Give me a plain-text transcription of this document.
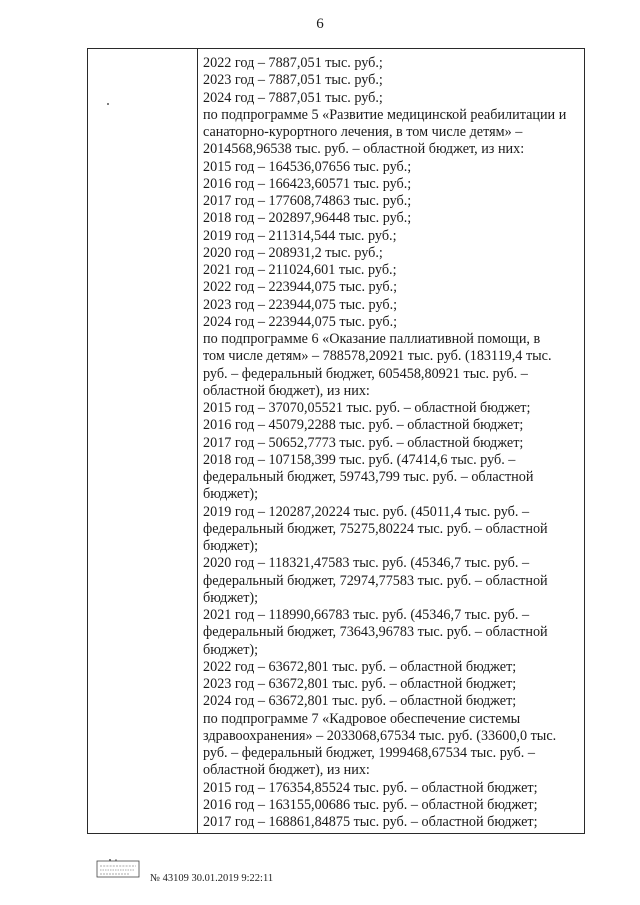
6
2022 год – 7887,051 тыс. руб.;
2023 год – 7887,051 тыс. руб.;
2024 год – 7887,051 тыс. руб.;
по подпрограмме 5 «Развитие медицинской реабилитации и
санаторно-курортного лечения, в том числе детям» –
2014568,96538 тыс. руб. – областной бюджет, из них:
2015 год – 164536,07656 тыс. руб.;
2016 год – 166423,60571 тыс. руб.;
2017 год – 177608,74863 тыс. руб.;
2018 год – 202897,96448 тыс. руб.;
2019 год – 211314,544 тыс. руб.;
2020 год – 208931,2 тыс. руб.;
2021 год – 211024,601 тыс. руб.;
2022 год – 223944,075 тыс. руб.;
2023 год – 223944,075 тыс. руб.;
2024 год – 223944,075 тыс. руб.;
по подпрограмме 6 «Оказание паллиативной помощи, в
том числе детям» – 788578,20921 тыс. руб. (183119,4 тыс.
руб. – федеральный бюджет, 605458,80921 тыс. руб. –
областной бюджет), из них:
2015 год – 37070,05521 тыс. руб. – областной бюджет;
2016 год – 45079,2288 тыс. руб. – областной бюджет;
2017 год – 50652,7773 тыс. руб. – областной бюджет;
2018 год – 107158,399 тыс. руб. (47414,6 тыс. руб. –
федеральный бюджет, 59743,799 тыс. руб. – областной
бюджет);
2019 год – 120287,20224 тыс. руб. (45011,4 тыс. руб. –
федеральный бюджет, 75275,80224 тыс. руб. – областной
бюджет);
2020 год – 118321,47583 тыс. руб. (45346,7 тыс. руб. –
федеральный бюджет, 72974,77583 тыс. руб. – областной
бюджет);
2021 год – 118990,66783 тыс. руб. (45346,7 тыс. руб. –
федеральный бюджет, 73643,96783 тыс. руб. – областной
бюджет);
2022 год – 63672,801 тыс. руб. – областной бюджет;
2023 год – 63672,801 тыс. руб. – областной бюджет;
2024 год – 63672,801 тыс. руб. – областной бюджет;
по подпрограмме 7 «Кадровое обеспечение системы
здравоохранения» – 2033068,67534 тыс. руб. (33600,0 тыс.
руб. – федеральный бюджет, 1999468,67534 тыс. руб. –
областной бюджет), из них:
2015 год – 176354,85524 тыс. руб. – областной бюджет;
2016 год – 163155,00686 тыс. руб. – областной бюджет;
2017 год – 168861,84875 тыс. руб. – областной бюджет;
№ 43109 30.01.2019 9:22:11
